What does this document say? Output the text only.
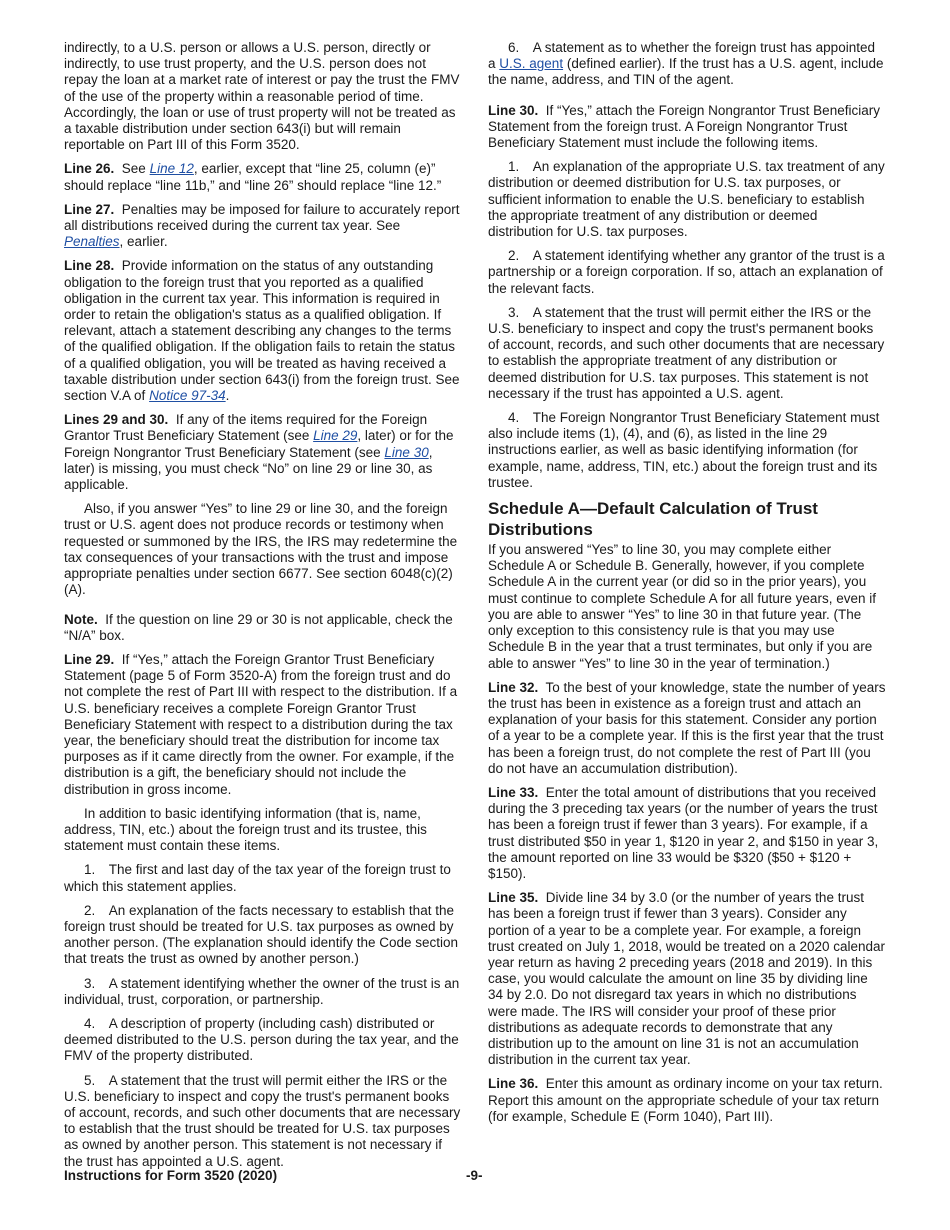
indirectly, to a U.S. person or allows a U.S. person, directly or indirectly, to use trust property, and the U.S. person does not repay the loan at a market rate of interest or pay the trust the FMV of the use of the property within a reasonable period of time. Accordingly, the loan or use of trust property will not be treated as a taxable distribution under section 643(i) but will remain reportable on Part III of this Form 3520.

Line 26. See Line 12, earlier, except that “line 25, column (e)” should replace “line 11b,” and “line 26” should replace “line 12.”

Line 27. Penalties may be imposed for failure to accurately report all distributions received during the current tax year. See Penalties, earlier.

Line 28. Provide information on the status of any outstanding obligation to the foreign trust that you reported as a qualified obligation in the current tax year. This information is required in order to retain the obligation's status as a qualified obligation. If relevant, attach a statement describing any changes to the terms of the qualified obligation. If the obligation fails to retain the status of a qualified obligation, you will be treated as having received a taxable distribution under section 643(i) from the foreign trust. See section V.A of Notice 97-34.

Lines 29 and 30. If any of the items required for the Foreign Grantor Trust Beneficiary Statement (see Line 29, later) or for the Foreign Nongrantor Trust Beneficiary Statement (see Line 30, later) is missing, you must check “No” on line 29 or line 30, as applicable.

Also, if you answer “Yes” to line 29 or line 30, and the foreign trust or U.S. agent does not produce records or testimony when requested or summoned by the IRS, the IRS may redetermine the tax consequences of your transactions with the trust and impose appropriate penalties under section 6677. See section 6048(c)(2)(A).

Note. If the question on line 29 or 30 is not applicable, check the “N/A” box.

Line 29. If “Yes,” attach the Foreign Grantor Trust Beneficiary Statement (page 5 of Form 3520-A) from the foreign trust and do not complete the rest of Part III with respect to the distribution. If a U.S. beneficiary receives a complete Foreign Grantor Trust Beneficiary Statement with respect to a distribution during the tax year, the beneficiary should treat the distribution for income tax purposes as if it came directly from the owner. For example, if the distribution is a gift, the beneficiary should not include the distribution in gross income.

In addition to basic identifying information (that is, name, address, TIN, etc.) about the foreign trust and its trustee, this statement must contain these items.

1. The first and last day of the tax year of the foreign trust to which this statement applies.

2. An explanation of the facts necessary to establish that the foreign trust should be treated for U.S. tax purposes as owned by another person. (The explanation should identify the Code section that treats the trust as owned by another person.)

3. A statement identifying whether the owner of the trust is an individual, trust, corporation, or partnership.

4. A description of property (including cash) distributed or deemed distributed to the U.S. person during the tax year, and the FMV of the property distributed.

5. A statement that the trust will permit either the IRS or the U.S. beneficiary to inspect and copy the trust's permanent books of account, records, and such other documents that are necessary to establish that the trust should be treated for U.S. tax purposes as owned by another person. This statement is not necessary if the trust has appointed a U.S. agent.

6. A statement as to whether the foreign trust has appointed a U.S. agent (defined earlier). If the trust has a U.S. agent, include the name, address, and TIN of the agent.

Line 30. If “Yes,” attach the Foreign Nongrantor Trust Beneficiary Statement from the foreign trust. A Foreign Nongrantor Trust Beneficiary Statement must include the following items.

1. An explanation of the appropriate U.S. tax treatment of any distribution or deemed distribution for U.S. tax purposes, or sufficient information to enable the U.S. beneficiary to establish the appropriate treatment of any distribution or deemed distribution for U.S. tax purposes.

2. A statement identifying whether any grantor of the trust is a partnership or a foreign corporation. If so, attach an explanation of the relevant facts.

3. A statement that the trust will permit either the IRS or the U.S. beneficiary to inspect and copy the trust's permanent books of account, records, and such other documents that are necessary to establish the appropriate treatment of any distribution or deemed distribution for U.S. tax purposes. This statement is not necessary if the trust has appointed a U.S. agent.

4. The Foreign Nongrantor Trust Beneficiary Statement must also include items (1), (4), and (6), as listed in the line 29 instructions earlier, as well as basic identifying information (for example, name, address, TIN, etc.) about the foreign trust and its trustee.

Schedule A—Default Calculation of Trust Distributions

If you answered “Yes” to line 30, you may complete either Schedule A or Schedule B. Generally, however, if you complete Schedule A in the current year (or did so in the prior years), you must continue to complete Schedule A for all future years, even if you are able to answer “Yes” to line 30 in that future year. (The only exception to this consistency rule is that you may use Schedule B in the year that a trust terminates, but only if you are able to answer “Yes” to line 30 in the year of termination.)

Line 32. To the best of your knowledge, state the number of years the trust has been in existence as a foreign trust and attach an explanation of your basis for this statement. Consider any portion of a year to be a complete year. If this is the first year that the trust has been a foreign trust, do not complete the rest of Part III (you do not have an accumulation distribution).

Line 33. Enter the total amount of distributions that you received during the 3 preceding tax years (or the number of years the trust has been a foreign trust if fewer than 3 years). For example, if a trust distributed $50 in year 1, $120 in year 2, and $150 in year 3, the amount reported on line 33 would be $320 ($50 + $120 + $150).

Line 35. Divide line 34 by 3.0 (or the number of years the trust has been a foreign trust if fewer than 3 years). Consider any portion of a year to be a complete year. For example, a foreign trust created on July 1, 2018, would be treated on a 2020 calendar year return as having 2 preceding years (2018 and 2019). In this case, you would calculate the amount on line 35 by dividing line 34 by 2.0. Do not disregard tax years in which no distributions were made. The IRS will consider your proof of these prior distributions as adequate records to demonstrate that any distribution up to the amount on line 31 is not an accumulation distribution in the current tax year.

Line 36. Enter this amount as ordinary income on your tax return. Report this amount on the appropriate schedule of your tax return (for example, Schedule E (Form 1040), Part III).

Instructions for Form 3520 (2020)	-9-
